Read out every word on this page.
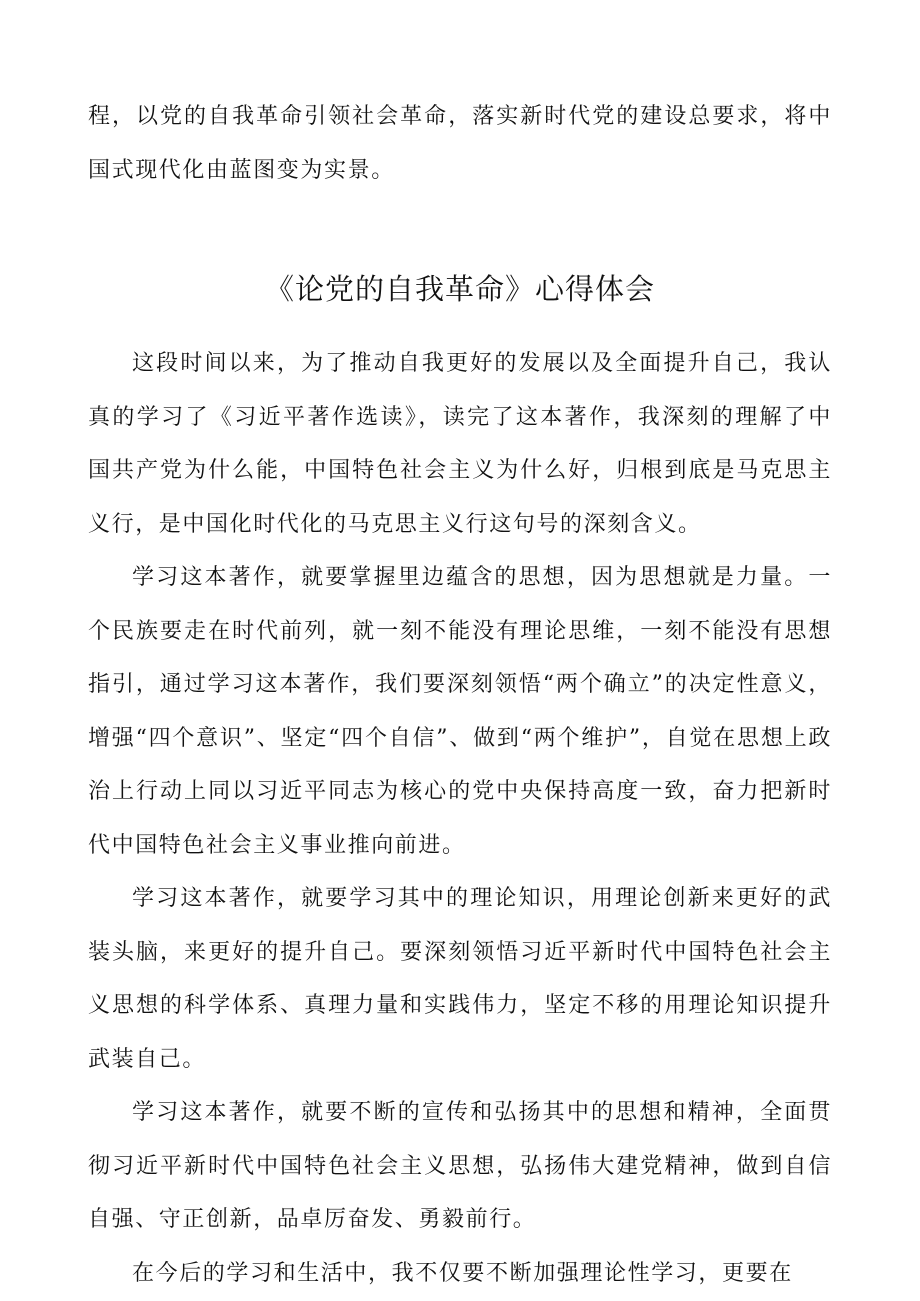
程，以党的自我革命引领社会革命，落实新时代党的建设总要求，将中国式现代化由蓝图变为实景。

《论党的自我革命》心得体会

这段时间以来，为了推动自我更好的发展以及全面提升自己，我认真的学习了《习近平著作选读》，读完了这本著作，我深刻的理解了中国共产党为什么能，中国特色社会主义为什么好，归根到底是马克思主义行，是中国化时代化的马克思主义行这句号的深刻含义。

学习这本著作，就要掌握里边蕴含的思想，因为思想就是力量。一个民族要走在时代前列，就一刻不能没有理论思维，一刻不能没有思想指引，通过学习这本著作，我们要深刻领悟“两个确立”的决定性意义，增强“四个意识”、坚定“四个自信”、做到“两个维护”，自觉在思想上政治上行动上同以习近平同志为核心的党中央保持高度一致，奋力把新时代中国特色社会主义事业推向前进。

学习这本著作，就要学习其中的理论知识，用理论创新来更好的武装头脑，来更好的提升自己。要深刻领悟习近平新时代中国特色社会主义思想的科学体系、真理力量和实践伟力，坚定不移的用理论知识提升武装自己。

学习这本著作，就要不断的宣传和弘扬其中的思想和精神，全面贯彻习近平新时代中国特色社会主义思想，弘扬伟大建党精神，做到自信自强、守正创新，品卓厉奋发、勇毅前行。

在今后的学习和生活中，我不仅要不断加强理论性学习，更要在
